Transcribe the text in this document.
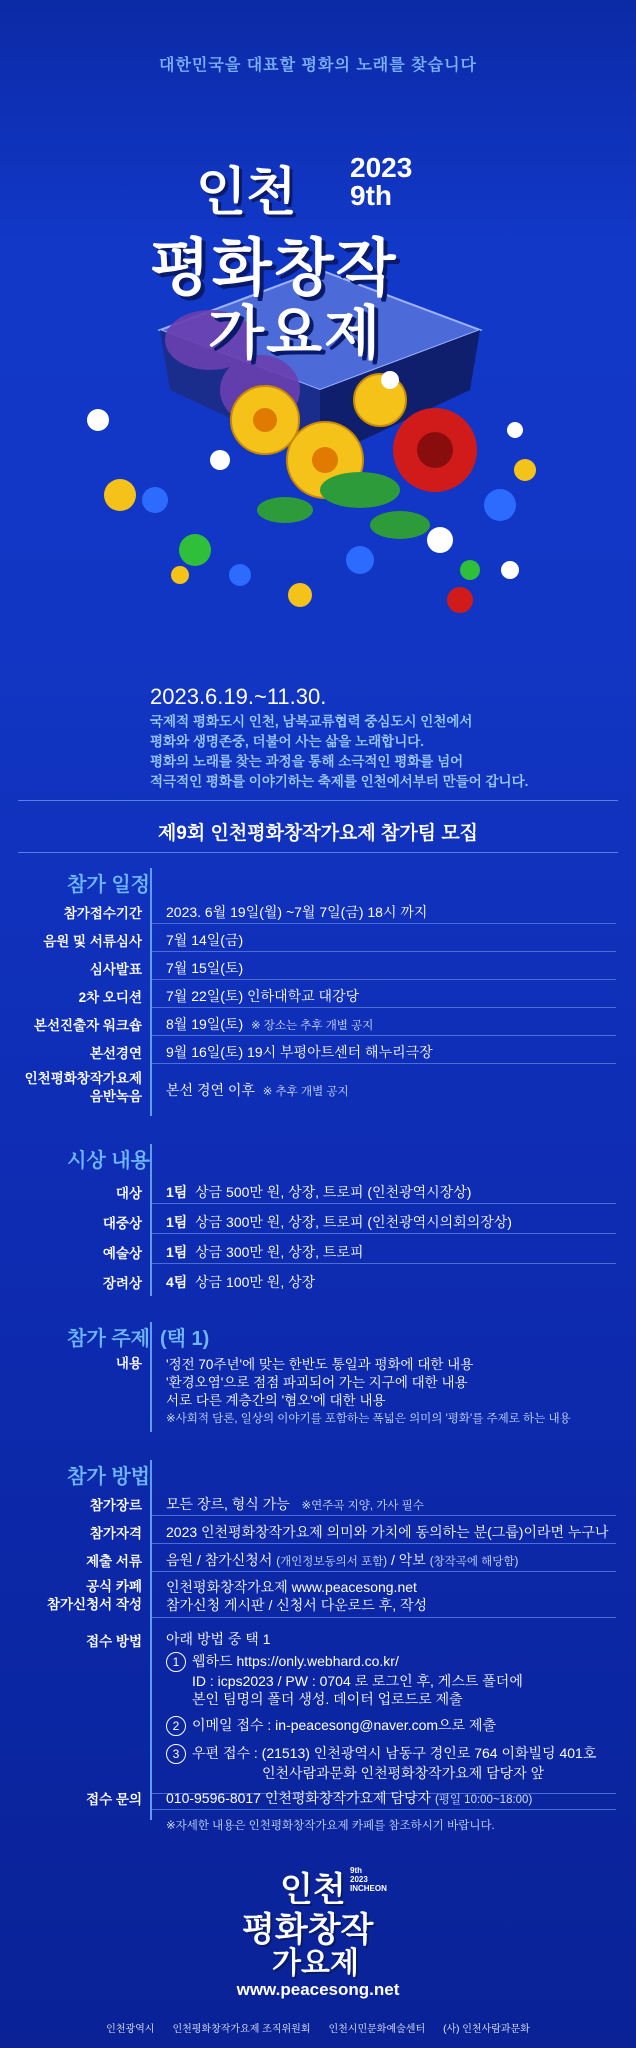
대한민국을 대표할 평화의 노래를 찾습니다
인천 2023
9th
평화창작
가요제
2023.6.19.~11.30.
국제적 평화도시 인천, 남북교류협력 중심도시 인천에서
평화와 생명존중, 더불어 사는 삶을 노래합니다.
평화의 노래를 찾는 과정을 통해 소극적인 평화를 넘어
적극적인 평화를 이야기하는 축제를 인천에서부터 만들어 갑니다.
제9회 인천평화창작가요제 참가팀 모집
참가 일정
참가접수기간 2023. 6월 19일(월) ~7월 7일(금) 18시 까지
음원 및 서류심사 7월 14일(금)
심사발표 7월 15일(토)
2차 오디션 7월 22일(토) 인하대학교 대강당
본선진출자 워크숍 8월 19일(토) ※ 장소는 추후 개별 공지
본선경연 9월 16일(토) 19시 부평아트센터 해누리극장
인천평화창작가요제
음반녹음 본선 경연 이후 ※ 추후 개별 공지
시상 내용
대상 1팀 상금 500만 원, 상장, 트로피 (인천광역시장상)
대중상 1팀 상금 300만 원, 상장, 트로피 (인천광역시의회의장상)
예술상 1팀 상금 300만 원, 상장, 트로피
장려상 4팀 상금 100만 원, 상장
참가 주제 (택 1)
내용 '정전 70주년'에 맞는 한반도 통일과 평화에 대한 내용
'환경오염'으로 점점 파괴되어 가는 지구에 대한 내용
서로 다른 계층간의 '혐오'에 대한 내용
※사회적 담론, 일상의 이야기를 포함하는 폭넓은 의미의 '평화'를 주제로 하는 내용
참가 방법
참가장르 모든 장르, 형식 가능 ※연주곡 지양, 가사 필수
참가자격 2023 인천평화창작가요제 의미와 가치에 동의하는 분(그룹)이라면 누구나
제출 서류 음원 / 참가신청서 (개인정보동의서 포함) / 악보 (창작곡에 해당함)
공식 카페
참가신청서 작성
인천평화창작가요제 www.peacesong.net
참가신청 게시판 / 신청서 다운로드 후, 작성
접수 방법 아래 방법 중 택 1
1 웹하드 https://only.webhard.co.kr/
ID : icps2023 / PW : 0704 로 로그인 후, 게스트 폴더에
본인 팀명의 폴더 생성. 데이터 업로드로 제출
2 이메일 접수 : in-peacesong@naver.com으로 제출
3 우편 접수 : (21513) 인천광역시 남동구 경인로 764 이화빌딩 401호
인천사람과문화 인천평화창작가요제 담당자 앞
접수 문의 010-9596-8017 인천평화창작가요제 담당자 (평일 10:00~18:00)
※자세한 내용은 인천평화창작가요제 카페를 참조하시기 바랍니다.
인천 9th
2023
INCHEON
평화창작
가요제
www.peacesong.net
인천광역시 인천평화창작가요제 조직위원회 인천시민문화예술센터 (사) 인천사람과문화
